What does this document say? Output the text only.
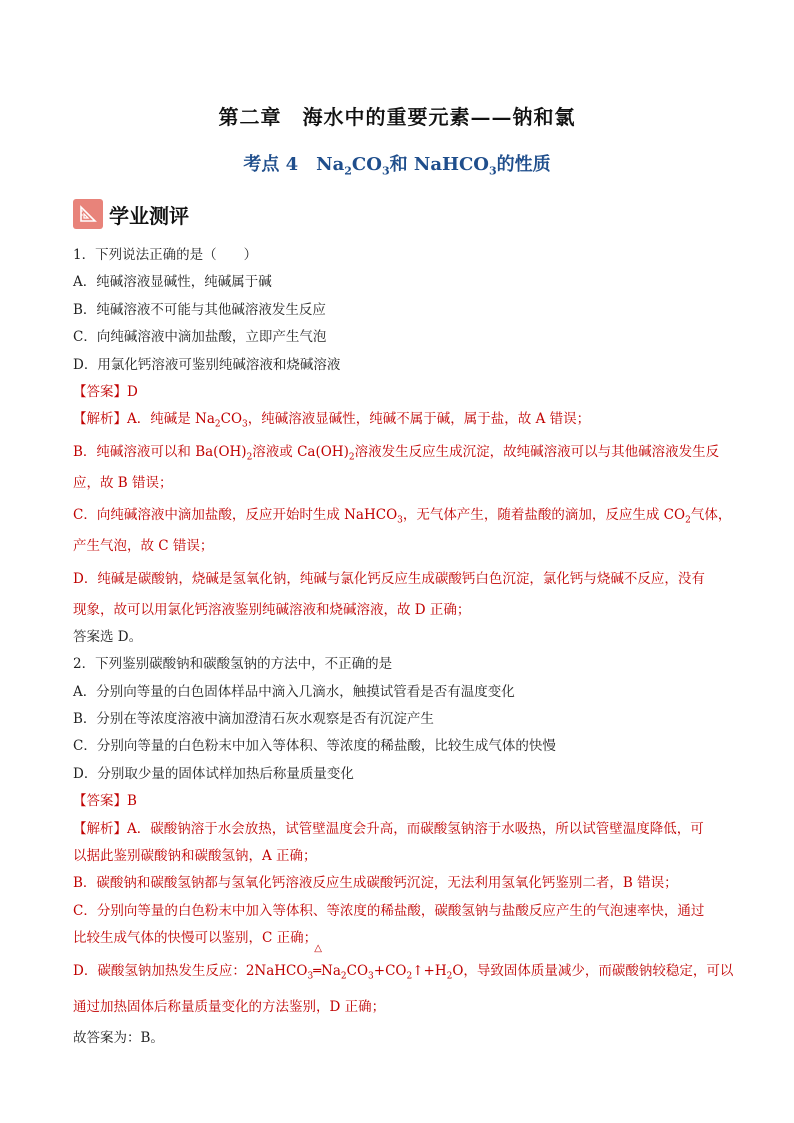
第二章　海水中的重要元素——钠和氯
考点 4　$Na_2CO_3$和 NaHCO$_3$的性质
学业测评
1．下列说法正确的是（　　）
A．纯碱溶液显碱性，纯碱属于碱
B．纯碱溶液不可能与其他碱溶液发生反应
C．向纯碱溶液中滴加盐酸，立即产生气泡
D．用氯化钙溶液可鉴别纯碱溶液和烧碱溶液
【答案】D
【解析】A．纯碱是 $Na_2CO_3$，纯碱溶液显碱性，纯碱不属于碱，属于盐，故 A 错误；
B．纯碱溶液可以和 $Ba(OH)_2$溶液或 $Ca(OH)_2$溶液发生反应生成沉淀，故纯碱溶液可以与其他碱溶液发生反
应，故 B 错误；
C．向纯碱溶液中滴加盐酸，反应开始时生成 NaHCO$_3$，无气体产生，随着盐酸的滴加，反应生成 $CO_2$气体，
产生气泡，故 C 错误；
D．纯碱是碳酸钠，烧碱是氢氧化钠，纯碱与氯化钙反应生成碳酸钙白色沉淀，氯化钙与烧碱不反应，没有
现象，故可以用氯化钙溶液鉴别纯碱溶液和烧碱溶液，故 D 正确；
答案选 D。
2．下列鉴别碳酸钠和碳酸氢钠的方法中，不正确的是
A．分别向等量的白色固体样品中滴入几滴水，触摸试管看是否有温度变化
B．分别在等浓度溶液中滴加澄清石灰水观察是否有沉淀产生
C．分别向等量的白色粉末中加入等体积、等浓度的稀盐酸，比较生成气体的快慢
D．分别取少量的固体试样加热后称量质量变化
【答案】B
【解析】A．碳酸钠溶于水会放热，试管壁温度会升高，而碳酸氢钠溶于水吸热，所以试管壁温度降低，可
以据此鉴别碳酸钠和碳酸氢钠，A 正确；
B．碳酸钠和碳酸氢钠都与氢氧化钙溶液反应生成碳酸钙沉淀，无法利用氢氧化钙鉴别二者，B 错误；
C．分别向等量的白色粉末中加入等体积、等浓度的稀盐酸，碳酸氢钠与盐酸反应产生的气泡速率快，通过
比较生成气体的快慢可以鉴别，C 正确；
D．碳酸氢钠加热发生反应：2NaHCO$_3$
△
$═Na_2CO_3+CO_2↑+H_2O$，导致固体质量减少，而碳酸钠较稳定，可以
通过加热固体后称量质量变化的方法鉴别，D 正确；
故答案为：B。
